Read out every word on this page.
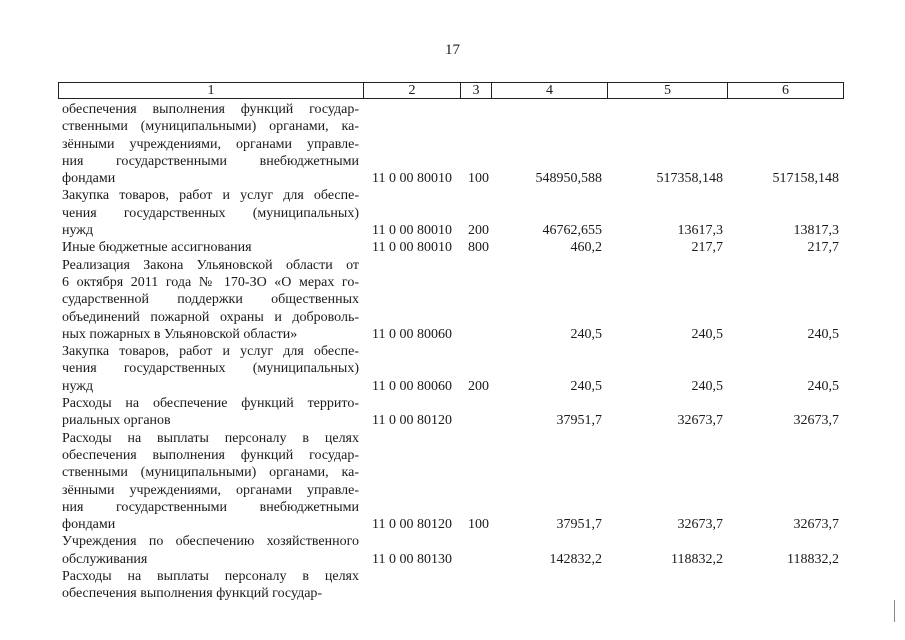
17
1	2	3	4	5	6
обеспечения выполнения функций государ-
ственными (муниципальными) органами, ка-
зёнными учреждениями, органами управле-
ния государственными внебюджетными
фондами	11 0 00 80010 100	548950,588	517358,148	517158,148
Закупка товаров, работ и услуг для обеспе-
чения государственных (муниципальных)
нужд	11 0 00 80010 200	46762,655	13617,3	13817,3
Иные бюджетные ассигнования	11 0 00 80010 800	460,2	217,7	217,7
Реализация Закона Ульяновской области от
6 октября 2011 года № 170-ЗО «О мерах го-
сударственной поддержки общественных
объединений пожарной охраны и доброволь-
ных пожарных в Ульяновской области»	11 0 00 80060	240,5	240,5	240,5
Закупка товаров, работ и услуг для обеспе-
чения государственных (муниципальных)
нужд	11 0 00 80060 200	240,5	240,5	240,5
Расходы на обеспечение функций террито-
риальных органов	11 0 00 80120	37951,7	32673,7	32673,7
Расходы на выплаты персоналу в целях
обеспечения выполнения функций государ-
ственными (муниципальными) органами, ка-
зёнными учреждениями, органами управле-
ния государственными внебюджетными
фондами	11 0 00 80120 100	37951,7	32673,7	32673,7
Учреждения по обеспечению хозяйственного
обслуживания	11 0 00 80130	142832,2	118832,2	118832,2
Расходы на выплаты персоналу в целях
обеспечения выполнения функций государ-
